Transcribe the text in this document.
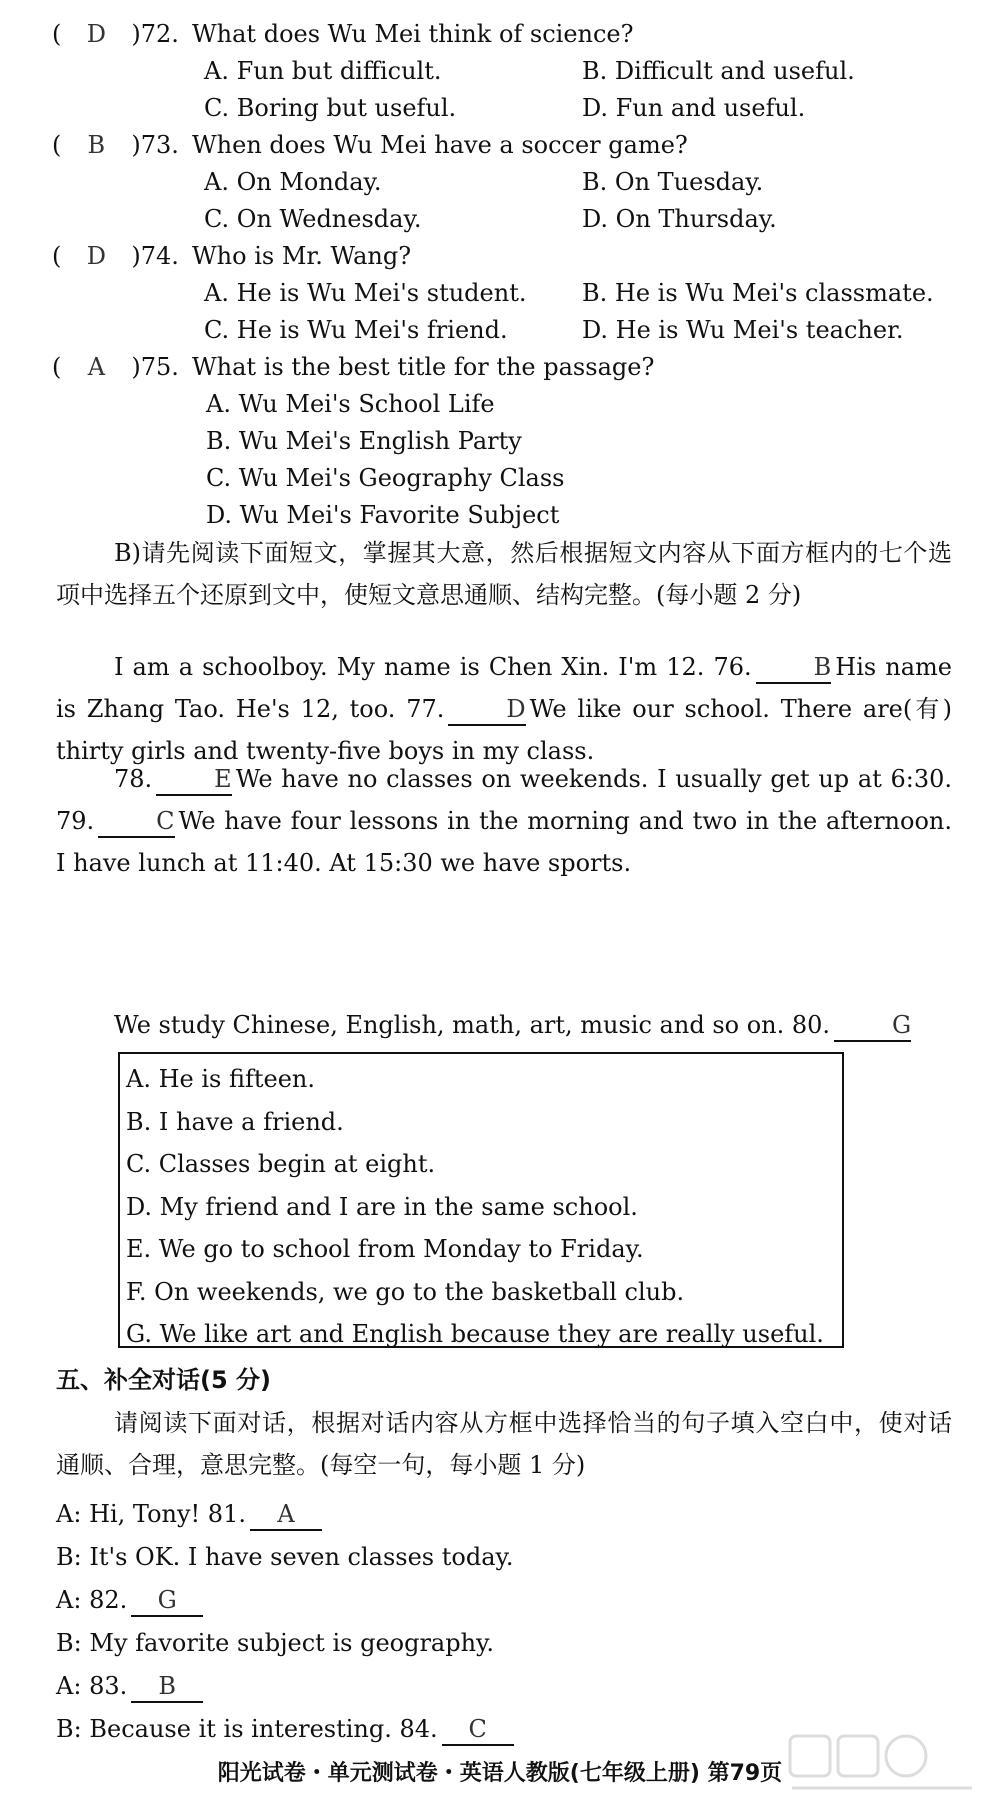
( D )72. What does Wu Mei think of science?
A. Fun but difficult.	B. Difficult and useful.
C. Boring but useful.	D. Fun and useful.
( B )73. When does Wu Mei have a soccer game?
A. On Monday.	B. On Tuesday.
C. On Wednesday.	D. On Thursday.
( D )74. Who is Mr. Wang?
A. He is Wu Mei's student. B. He is Wu Mei's classmate.
C. He is Wu Mei's friend.	D. He is Wu Mei's teacher.
( A )75. What is the best title for the passage?
A. Wu Mei's School Life
B. Wu Mei's English Party
C. Wu Mei's Geography Class
D. Wu Mei's Favorite Subject
B)请先阅读下面短文，掌握其大意，然后根据短文内容从下面方框内的七个选项中选择五个还原到文中，使短文意思通顺、结构完整。(每小题 2 分)
I am a schoolboy. My name is Chen Xin. I'm 12. 76.	B His name is Zhang Tao. He's 12, too. 77.	D We like our school. There are(有) thirty girls and twenty-five boys in my class.
78.	E We have no classes on weekends. I usually get up at 6:30. 79.	C We have four lessons in the morning and two in the afternoon. I have lunch at 11:40. At 15:30 we have sports.
We study Chinese, English, math, art, music and so on. 80.	G
A. He is fifteen.
B. I have a friend.
C. Classes begin at eight.
D. My friend and I are in the same school.
E. We go to school from Monday to Friday.
F. On weekends, we go to the basketball club.
G. We like art and English because they are really useful.
五、补全对话(5 分)
请阅读下面对话，根据对话内容从方框中选择恰当的句子填入空白中，使对话通顺、合理，意思完整。(每空一句，每小题 1 分)
A: Hi, Tony! 81. A
B: It's OK. I have seven classes today.
A: 82. G
B: My favorite subject is geography.
A: 83. B
B: Because it is interesting. 84. C
阳光试卷・单元测试卷・英语人教版(七年级上册) 第79页
